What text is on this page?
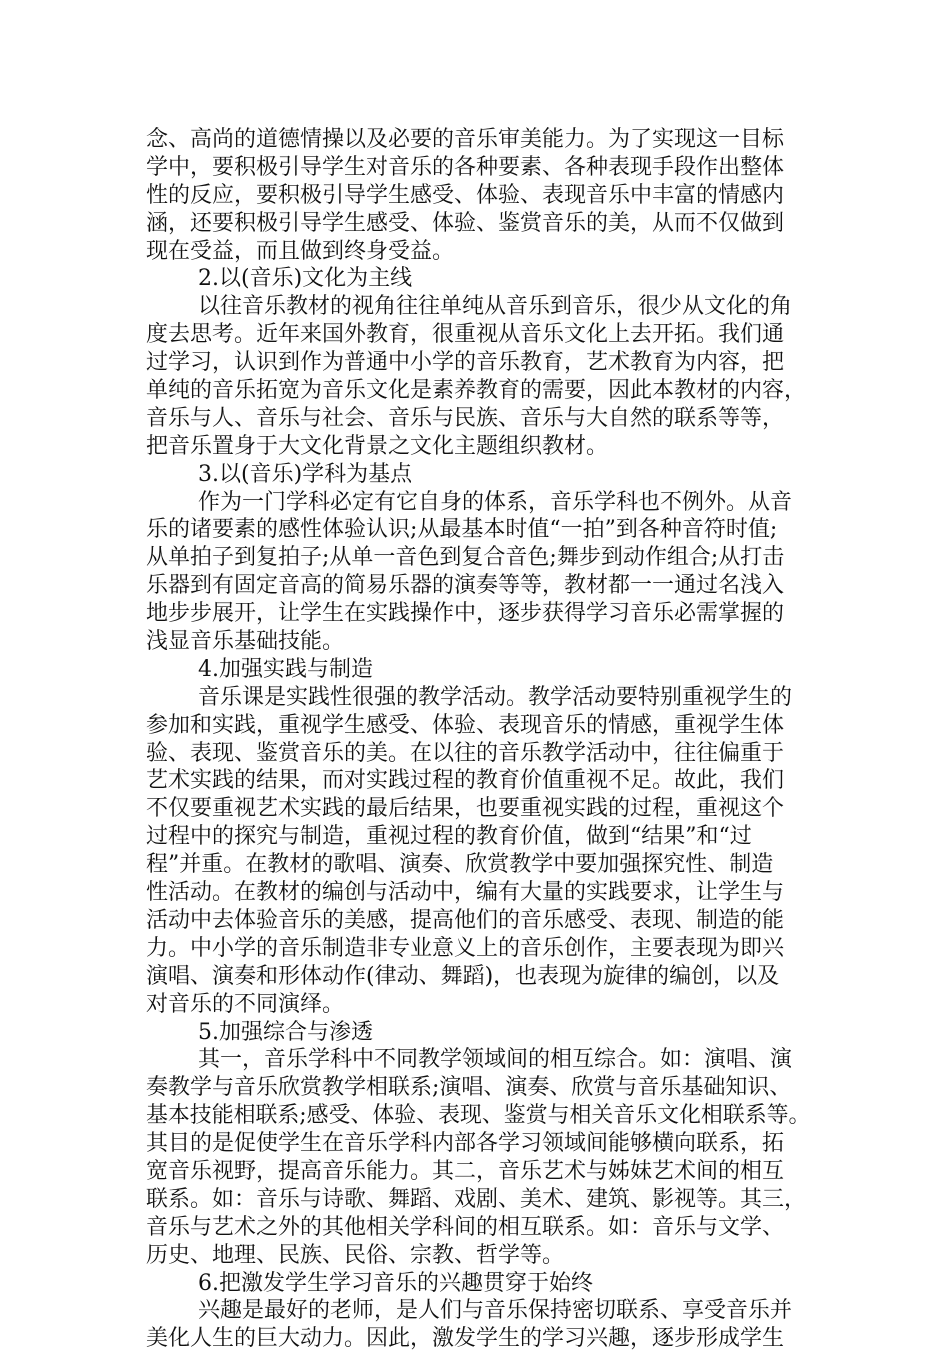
念、高尚的道德情操以及必要的音乐审美能力。为了实现这一目标
学中，要积极引导学生对音乐的各种要素、各种表现手段作出整体
性的反应，要积极引导学生感受、体验、表现音乐中丰富的情感内
涵，还要积极引导学生感受、体验、鉴赏音乐的美，从而不仅做到
现在受益，而且做到终身受益。
2.以(音乐)文化为主线
以往音乐教材的视角往往单纯从音乐到音乐，很少从文化的角
度去思考。近年来国外教育，很重视从音乐文化上去开拓。我们通
过学习，认识到作为普通中小学的音乐教育，艺术教育为内容，把
单纯的音乐拓宽为音乐文化是素养教育的需要，因此本教材的内容，
音乐与人、音乐与社会、音乐与民族、音乐与大自然的联系等等，
把音乐置身于大文化背景之文化主题组织教材。
3.以(音乐)学科为基点
作为一门学科必定有它自身的体系，音乐学科也不例外。从音
乐的诸要素的感性体验认识;从最基本时值“一拍”到各种音符时值;
从单拍子到复拍子;从单一音色到复合音色;舞步到动作组合;从打击
乐器到有固定音高的简易乐器的演奏等等，教材都一一通过名浅入
地步步展开，让学生在实践操作中，逐步获得学习音乐必需掌握的
浅显音乐基础技能。
4.加强实践与制造
音乐课是实践性很强的教学活动。教学活动要特别重视学生的
参加和实践，重视学生感受、体验、表现音乐的情感，重视学生体
验、表现、鉴赏音乐的美。在以往的音乐教学活动中，往往偏重于
艺术实践的结果，而对实践过程的教育价值重视不足。故此，我们
不仅要重视艺术实践的最后结果，也要重视实践的过程，重视这个
过程中的探究与制造，重视过程的教育价值，做到“结果”和“过
程”并重。在教材的歌唱、演奏、欣赏教学中要加强探究性、制造
性活动。在教材的编创与活动中，编有大量的实践要求，让学生与
活动中去体验音乐的美感，提高他们的音乐感受、表现、制造的能
力。中小学的音乐制造非专业意义上的音乐创作，主要表现为即兴
演唱、演奏和形体动作(律动、舞蹈)，也表现为旋律的编创，以及
对音乐的不同演绎。
5.加强综合与渗透
其一，音乐学科中不同教学领域间的相互综合。如：演唱、演
奏教学与音乐欣赏教学相联系;演唱、演奏、欣赏与音乐基础知识、
基本技能相联系;感受、体验、表现、鉴赏与相关音乐文化相联系等。
其目的是促使学生在音乐学科内部各学习领域间能够横向联系，拓
宽音乐视野，提高音乐能力。其二，音乐艺术与姊妹艺术间的相互
联系。如：音乐与诗歌、舞蹈、戏剧、美术、建筑、影视等。其三，
音乐与艺术之外的其他相关学科间的相互联系。如：音乐与文学、
历史、地理、民族、民俗、宗教、哲学等。
6.把激发学生学习音乐的兴趣贯穿于始终
兴趣是最好的老师，是人们与音乐保持密切联系、享受音乐并
美化人生的巨大动力。因此，激发学生的学习兴趣，逐步形成学生
